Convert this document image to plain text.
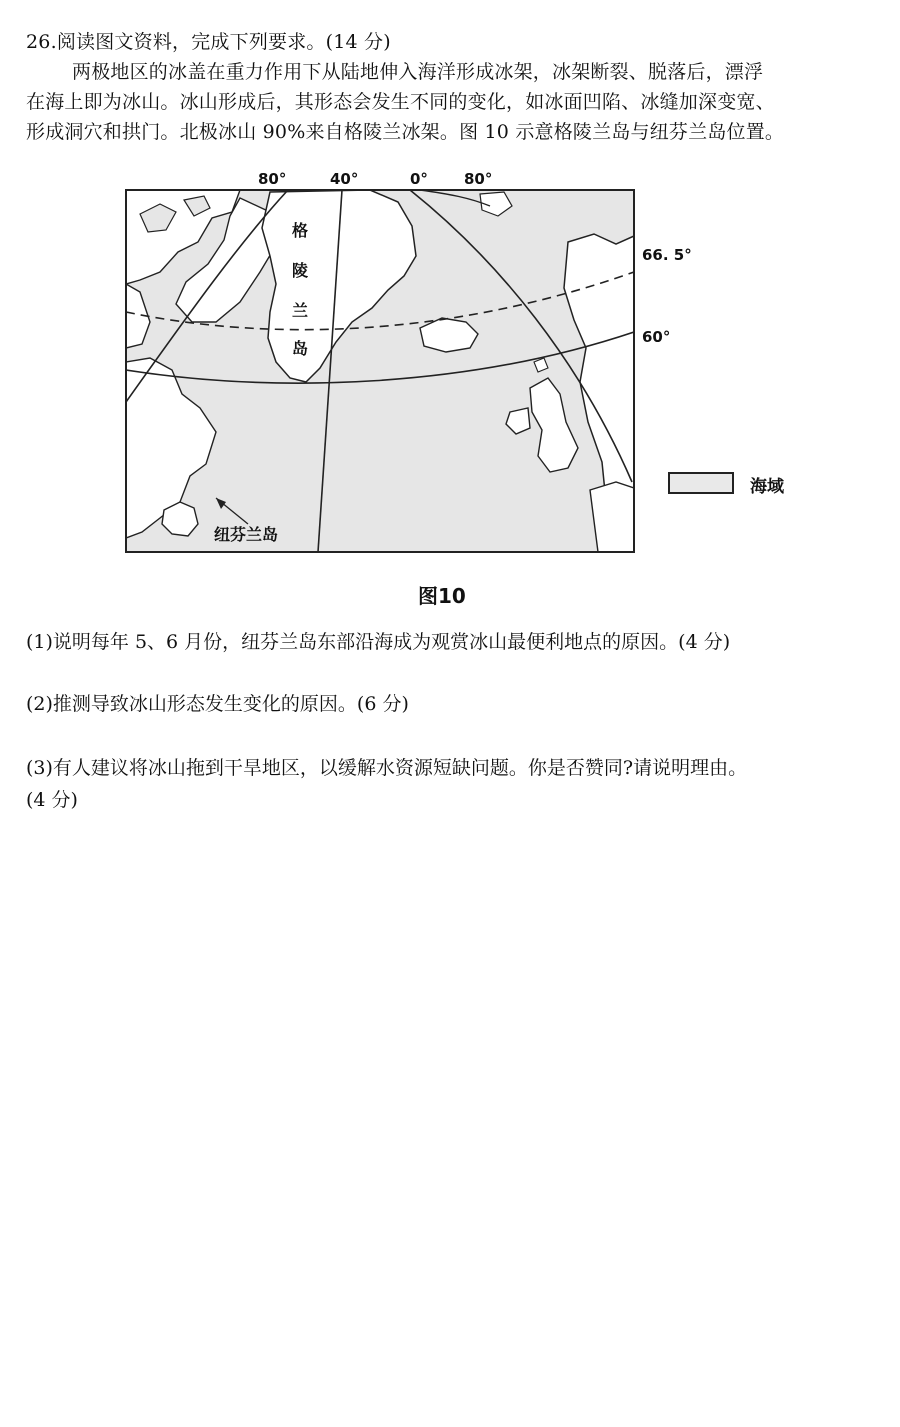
26.阅读图文资料，完成下列要求。(14 分)
两极地区的冰盖在重力作用下从陆地伸入海洋形成冰架，冰架断裂、脱落后，漂浮
在海上即为冰山。冰山形成后，其形态会发生不同的变化，如冰面凹陷、冰缝加深变宽、
形成洞穴和拱门。北极冰山 90%来自格陵兰冰架。图 10 示意格陵兰岛与纽芬兰岛位置。
80°	40°	0° 80°
66. 5°
60°
格
陵
兰
岛
纽芬兰岛
海域
图10
(1)说明每年 5、6 月份，纽芬兰岛东部沿海成为观赏冰山最便利地点的原因。(4 分)
(2)推测导致冰山形态发生变化的原因。(6 分)
(3)有人建议将冰山拖到干旱地区，以缓解水资源短缺问题。你是否赞同?请说明理由。
(4 分)
